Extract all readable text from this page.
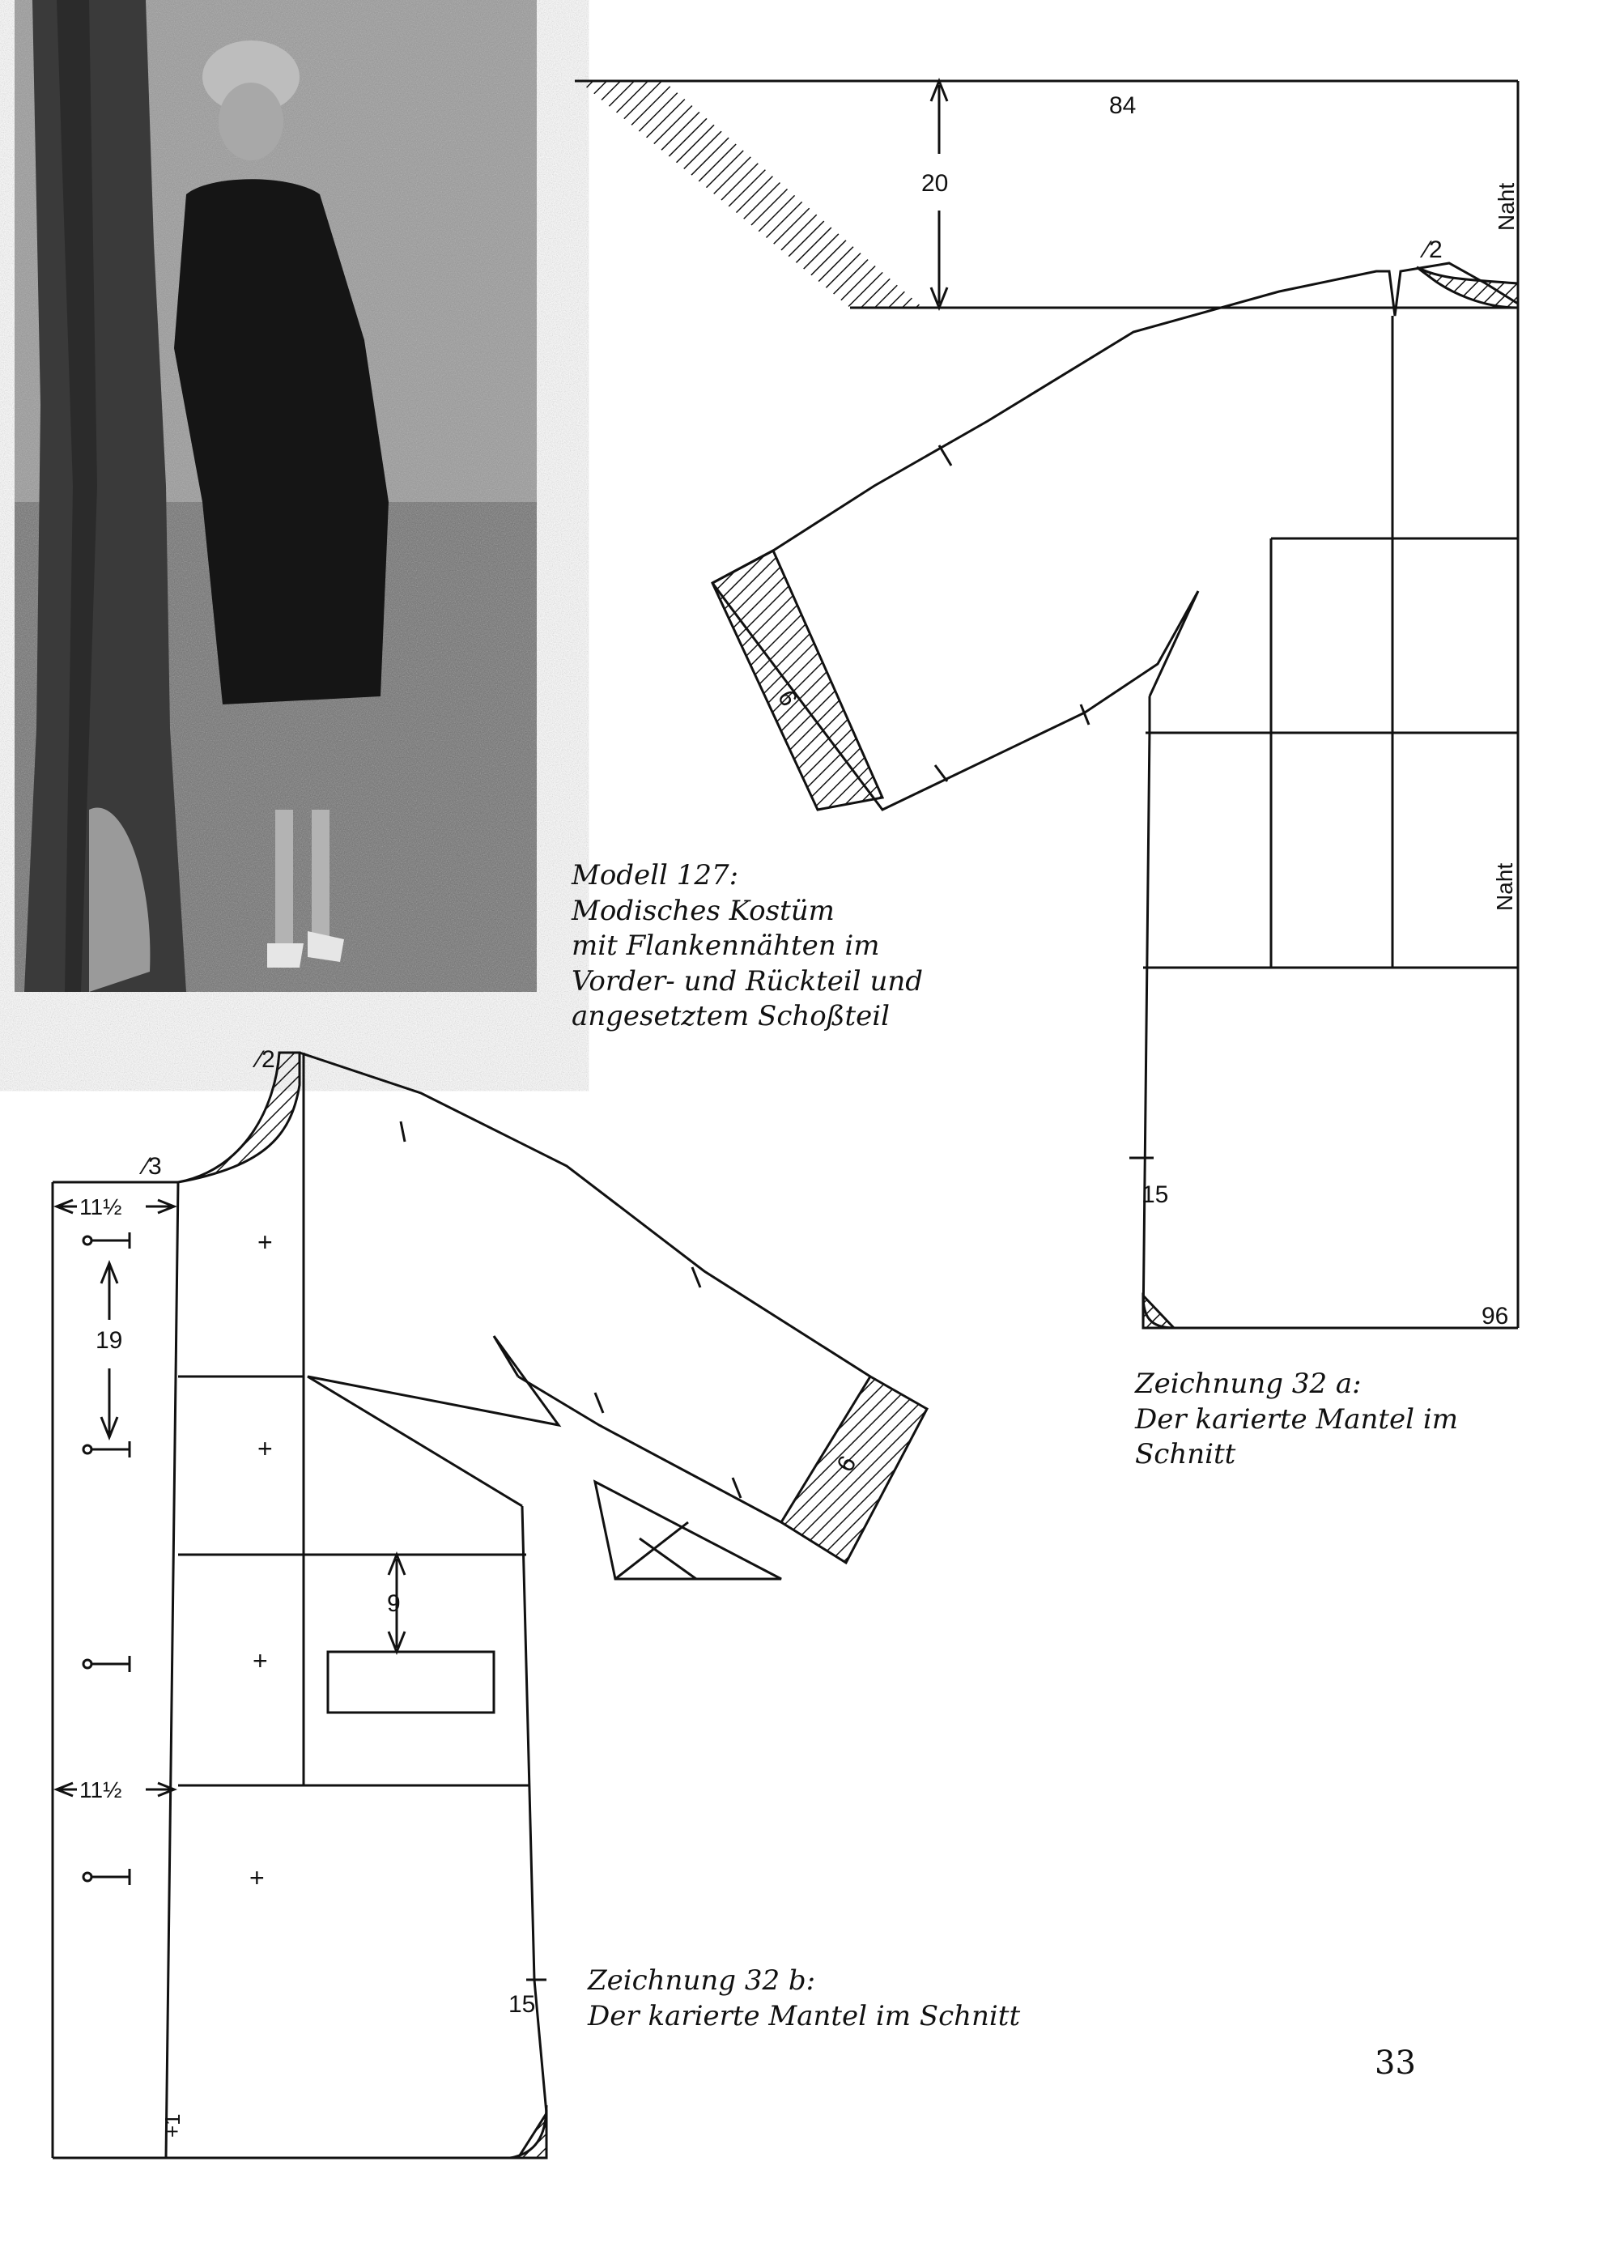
84
20	Naht
Naht
⁄2
6
15
96
+
+
+
+
⁄2
⁄3
11½
11½
19
9
6
15
+1
Modell 127:
Modisches Kostüm
mit Flankennähten im
Vorder- und Rückteil und
angesetztem Schoßteil
Zeichnung 32 a:
Der karierte Mantel im
Schnitt
Zeichnung 32 b:
Der karierte Mantel im Schnitt
33
